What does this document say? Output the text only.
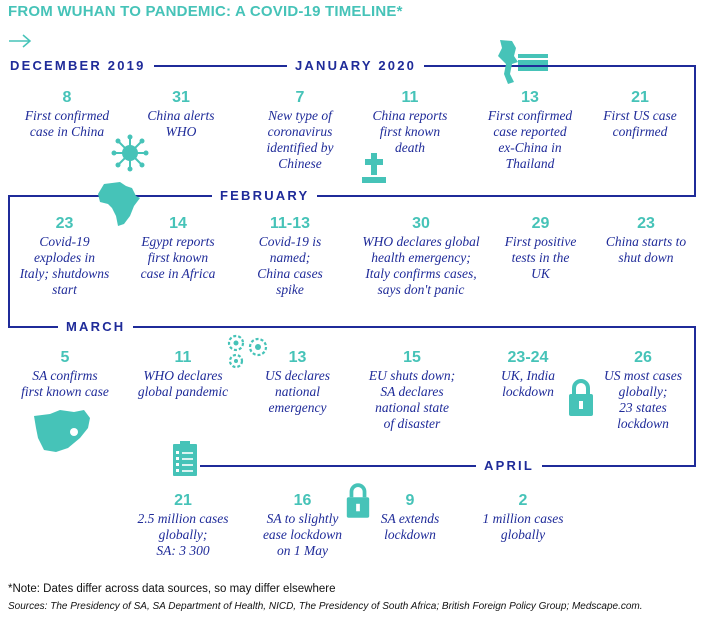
FROM WUHAN TO PANDEMIC: A COVID-19 TIMELINE*
DECEMBER 2019	JANUARY 2020
FEBRUARY
MARCH
APRIL
8
First confirmed
case in China
31
China alerts
WHO
7
New type of
coronavirus
identified by
Chinese
11
China reports
first known
death
13
First confirmed
case reported
ex-China in
Thailand
21
First US case
confirmed
23
Covid-19
explodes in
Italy; shutdowns
start
14
Egypt reports
first known
case in Africa
11-13
Covid-19 is
named;
China cases
spike
30
WHO declares global
health emergency;
Italy confirms cases,
says don't panic
29
First positive
tests in the
UK
23
China starts to
shut down
5
SA confirms
first known case
11
WHO declares
global pandemic
13
US declares
national
emergency
15
EU shuts down;
SA declares
national state
of disaster
23-24
UK, India
lockdown
26
US most cases
globally;
23 states
lockdown
21
2.5 million cases
globally;
SA: 3 300
16
SA to slightly
ease lockdown
on 1 May
9
SA extends
lockdown
2
1 million cases
globally
*Note: Dates differ across data sources, so may differ elsewhere
Sources: The Presidency of SA, SA Department of Health, NICD, The Presidency of South Africa; British Foreign Policy Group; Medscape.com.
